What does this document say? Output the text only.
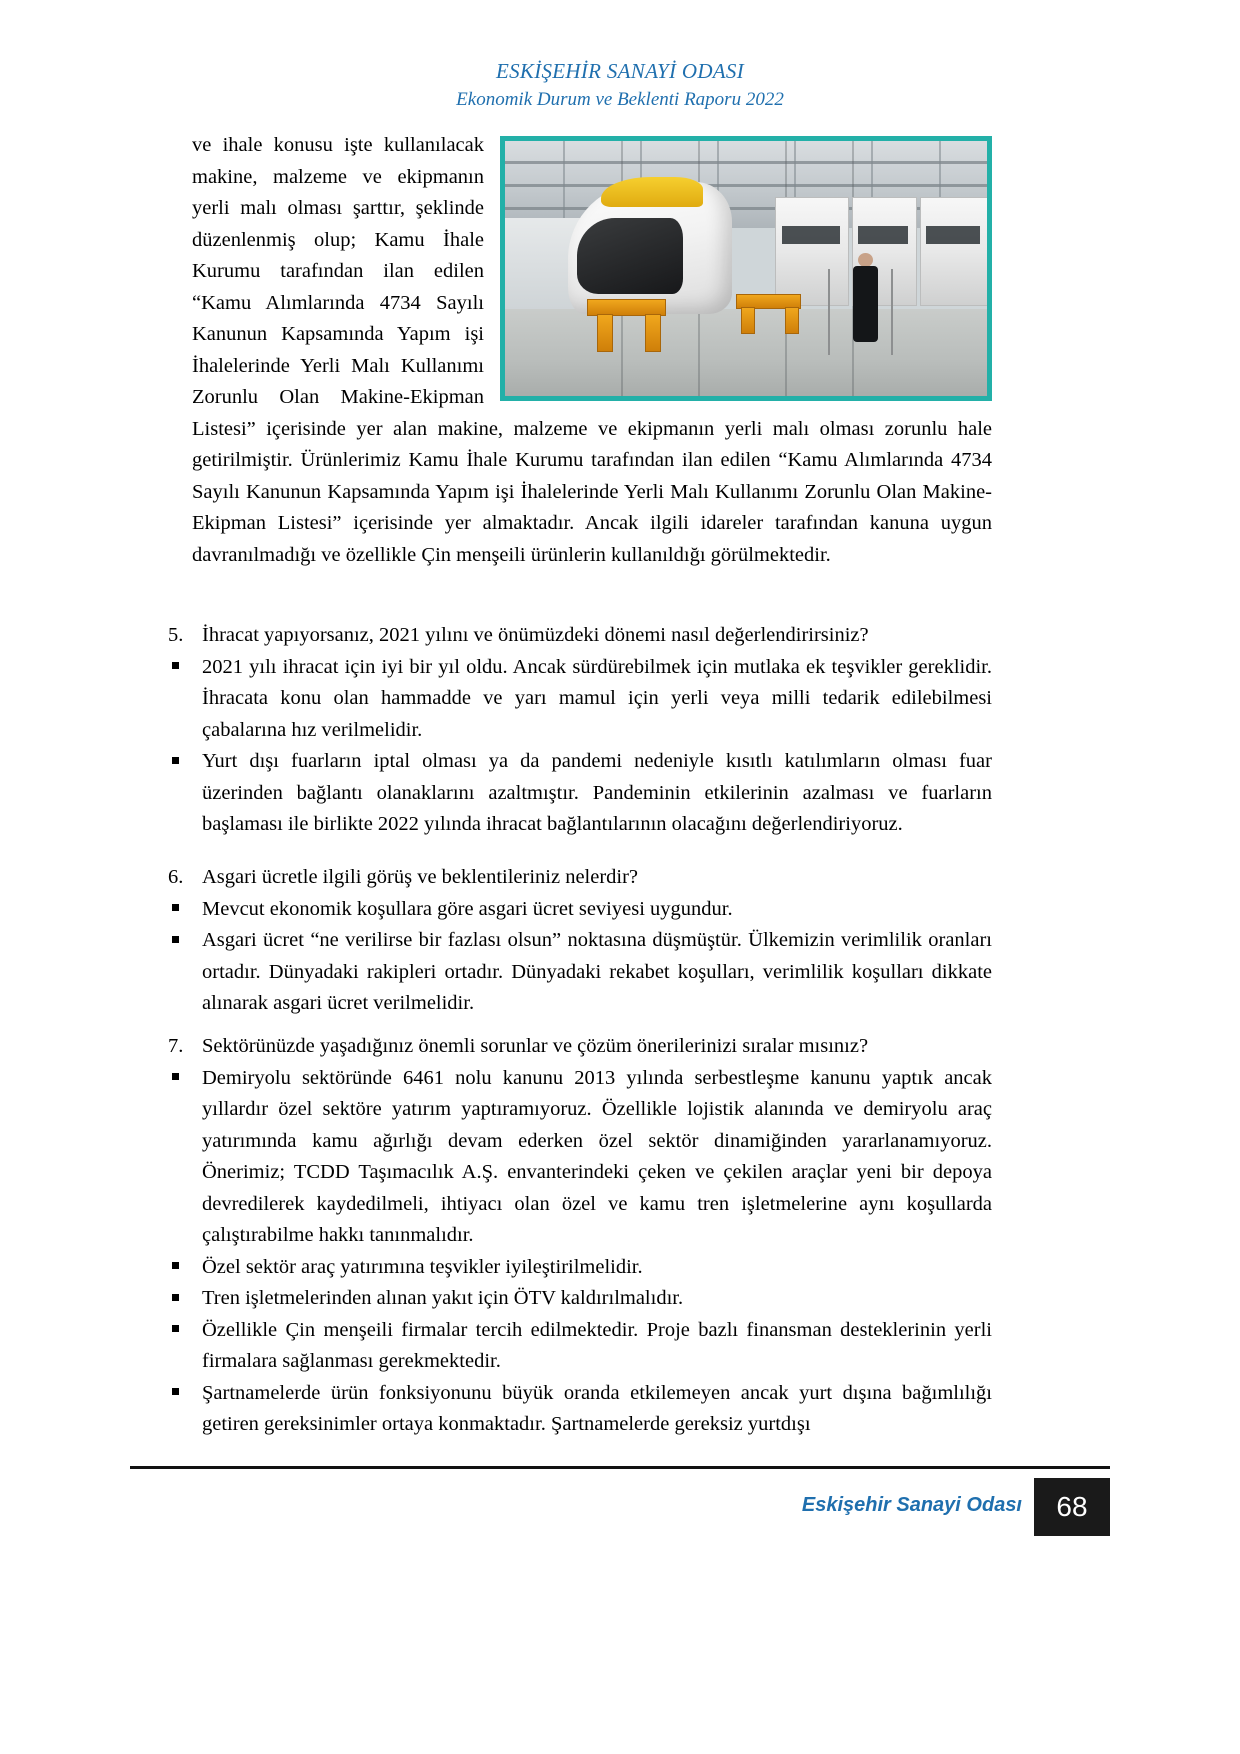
ESKİŞEHİR SANAYİ ODASI
Ekonomik Durum ve Beklenti Raporu 2022

ve ihale konusu işte kullanılacak makine, malzeme ve ekipmanın yerli malı olması şarttır, şeklinde düzenlenmiş olup; Kamu İhale Kurumu tarafından ilan edilen “Kamu Alımlarında 4734 Sayılı Kanunun Kapsamında Yapım işi İhalelerinde Yerli Malı Kullanımı Zorunlu Olan Makine-Ekipman Listesi” içerisinde yer alan makine, malzeme ve ekipmanın yerli malı olması zorunlu hale getirilmiştir. Ürünlerimiz Kamu İhale Kurumu tarafından ilan edilen “Kamu Alımlarında 4734 Sayılı Kanunun Kapsamında Yapım işi İhalelerinde Yerli Malı Kullanımı Zorunlu Olan Makine-Ekipman Listesi” içerisinde yer almaktadır. Ancak ilgili idareler tarafından kanuna uygun davranılmadığı ve özellikle Çin menşeili ürünlerin kullanıldığı görülmektedir.

5. İhracat yapıyorsanız, 2021 yılını ve önümüzdeki dönemi nasıl değerlendirirsiniz?
2021 yılı ihracat için iyi bir yıl oldu. Ancak sürdürebilmek için mutlaka ek teşvikler gereklidir. İhracata konu olan hammadde ve yarı mamul için yerli veya milli tedarik edilebilmesi çabalarına hız verilmelidir.
Yurt dışı fuarların iptal olması ya da pandemi nedeniyle kısıtlı katılımların olması fuar üzerinden bağlantı olanaklarını azaltmıştır. Pandeminin etkilerinin azalması ve fuarların başlaması ile birlikte 2022 yılında ihracat bağlantılarının olacağını değerlendiriyoruz.
6. Asgari ücretle ilgili görüş ve beklentileriniz nelerdir?
Mevcut ekonomik koşullara göre asgari ücret seviyesi uygundur.
Asgari ücret “ne verilirse bir fazlası olsun” noktasına düşmüştür. Ülkemizin verimlilik oranları ortadır. Dünyadaki rakipleri ortadır. Dünyadaki rekabet koşulları, verimlilik koşulları dikkate alınarak asgari ücret verilmelidir.
7. Sektörünüzde yaşadığınız önemli sorunlar ve çözüm önerilerinizi sıralar mısınız?
Demiryolu sektöründe 6461 nolu kanunu 2013 yılında serbestleşme kanunu yaptık ancak yıllardır özel sektöre yatırım yaptıramıyoruz. Özellikle lojistik alanında ve demiryolu araç yatırımında kamu ağırlığı devam ederken özel sektör dinamiğinden yararlanamıyoruz. Önerimiz; TCDD Taşımacılık A.Ş. envanterindeki çeken ve çekilen araçlar yeni bir depoya devredilerek kaydedilmeli, ihtiyacı olan özel ve kamu tren işletmelerine aynı koşullarda çalıştırabilme hakkı tanınmalıdır.
Özel sektör araç yatırımına teşvikler iyileştirilmelidir.
Tren işletmelerinden alınan yakıt için ÖTV kaldırılmalıdır.
Özellikle Çin menşeili firmalar tercih edilmektedir. Proje bazlı finansman desteklerinin yerli firmalara sağlanması gerekmektedir.
Şartnamelerde ürün fonksiyonunu büyük oranda etkilemeyen ancak yurt dışına bağımlılığı getiren gereksinimler ortaya konmaktadır. Şartnamelerde gereksiz yurtdışı
Eskişehir Sanayi Odası	68
